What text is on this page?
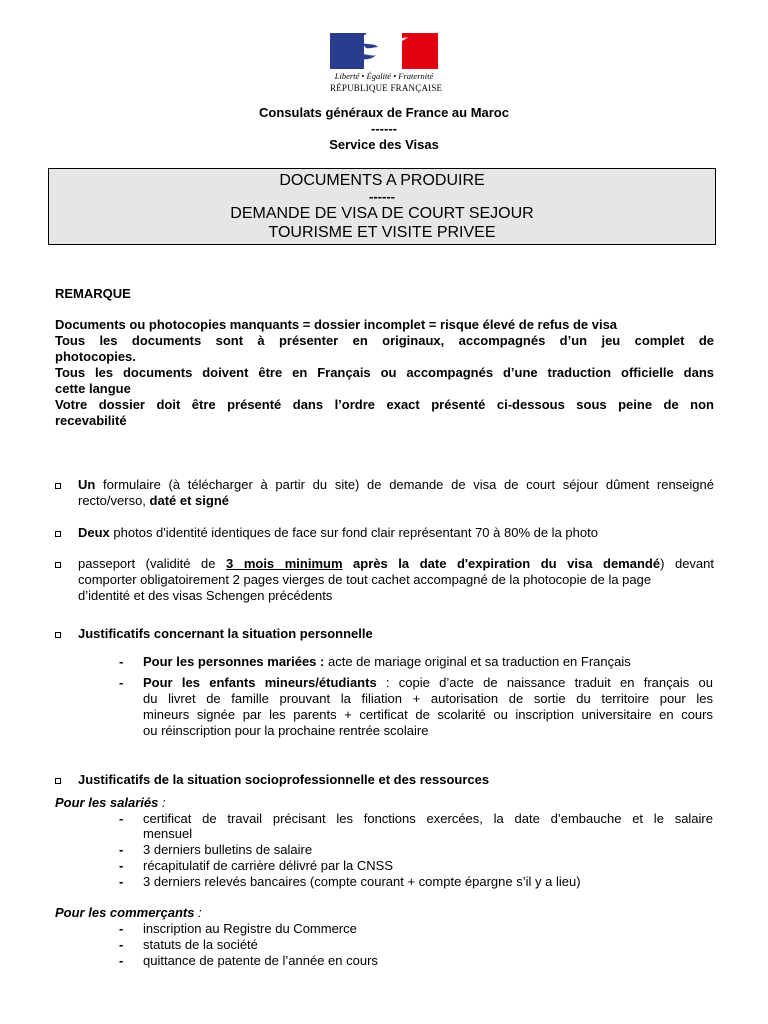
Liberté • Égalité • Fraternité
RÉPUBLIQUE FRANÇAISE
Consulats généraux de France au Maroc
------
Service des Visas
DOCUMENTS A PRODUIRE
------
DEMANDE DE VISA DE COURT SEJOUR
TOURISME ET VISITE PRIVEE
REMARQUE
Documents ou photocopies manquants = dossier incomplet = risque élevé de refus de visa
Tous les documents sont à présenter en originaux, accompagnés d’un jeu complet de
photocopies.
Tous les documents doivent être en Français ou accompagnés d’une traduction officielle dans
cette langue
Votre dossier doit être présenté dans l’ordre exact présenté ci-dessous sous peine de non
recevabilité
Un formulaire (à télécharger à partir du site) de demande de visa de court séjour dûment renseigné
recto/verso, daté et signé
Deux photos d'identité identiques de face sur fond clair représentant 70 à 80% de la photo
passeport (validité de 3 mois minimum après la date d'expiration du visa demandé) devant
comporter obligatoirement 2 pages vierges de tout cachet accompagné de la photocopie de la page
d’identité et des visas Schengen précédents
Justificatifs concernant la situation personnelle
- Pour les personnes mariées : acte de mariage original et sa traduction en Français
- Pour les enfants mineurs/étudiants : copie d’acte de naissance traduit en français ou
du livret de famille prouvant la filiation + autorisation de sortie du territoire pour les
mineurs signée par les parents + certificat de scolarité ou inscription universitaire en cours
ou réinscription pour la prochaine rentrée scolaire
Justificatifs de la situation socioprofessionnelle et des ressources
Pour les salariés :
- certificat de travail précisant les fonctions exercées, la date d’embauche et le salaire
mensuel
- 3 derniers bulletins de salaire
- récapitulatif de carrière délivré par la CNSS
- 3 derniers relevés bancaires (compte courant + compte épargne s’il y a lieu)
Pour les commerçants :
- inscription au Registre du Commerce
- statuts de la société
- quittance de patente de l’année en cours
